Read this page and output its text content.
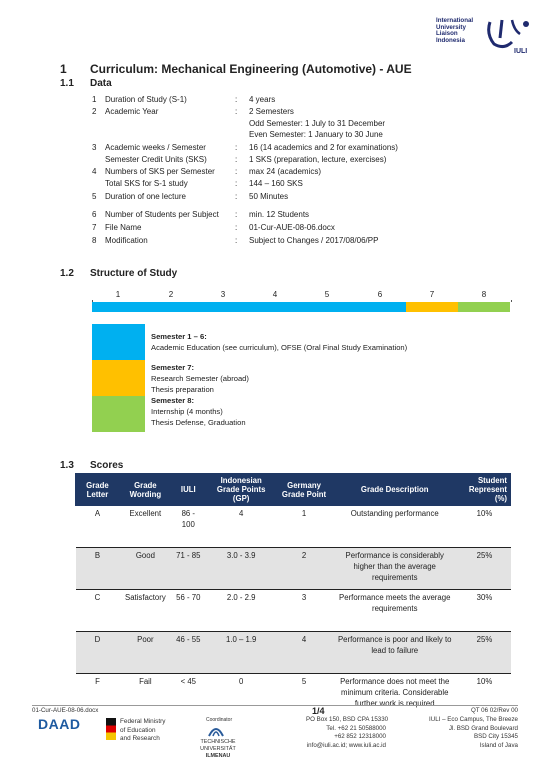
International
University
Liaison
Indonesia
IULI
1 Curriculum: Mechanical Engineering (Automotive) - AUE
1.1 Data
1 Duration of Study (S-1)	: 4 years
2 Academic Year	: 2 Semesters
Odd Semester: 1 July to 31 December
Even Semester: 1 January to 30 June
3 Academic weeks / Semester	: 16 (14 academics and 2 for examinations)
Semester Credit Units (SKS)	: 1 SKS (preparation, lecture, exercises)
4 Numbers of SKS per Semester	: max 24 (academics)
Total SKS for S-1 study	: 144 – 160 SKS
5 Duration of one lecture	: 50 Minutes
6 Number of Students per Subject : min. 12 Students
7 File Name	: 01-Cur-AUE-08-06.docx
8 Modification	: Subject to Changes / 2017/08/06/PP
1.2 Structure of Study
1	2	3	4	5	6	7	8
Semester 1 – 6:
Academic Education (see curriculum), OFSE (Oral Final Study Examination)
Semester 7:
Research Semester (abroad)
Thesis preparation
Semester 8:
Internship (4 months)
Thesis Defense, Graduation
1.3 Scores
Grade Letter	Grade Wording	IULI	Indonesian Grade Points (GP)	Germany Grade Point	Grade Description	Student Represent (%)
A	Excellent	86 - 100	4	1	Outstanding performance	10%
B	Good	71 - 85	3.0 - 3.9	2	Performance is considerably higher than the average requirements	25%
C	Satisfactory	56 - 70	2.0 - 2.9	3	Performance meets the average requirements	30%
D	Poor	46 - 55	1.0 – 1.9	4	Performance is poor and likely to lead to failure	25%
F	Fail	< 45	0	5	Performance does not meet the minimum criteria. Considerable further work is required	10%
01-Cur-AUE-08-06.docx	1/4	QT 06 02/Rev 00
DAAD	Federal Ministry
of Education
and Research
Coordinator
TECHNISCHE UNIVERSITÄT
ILMENAU
PO Box 150, BSD CPA 15330
Tel. +62 21 50588000
+62 852 12318000
info@iuli.ac.id; www.iuli.ac.id
IULI – Eco Campus, The Breeze
Jl. BSD Grand Boulevard
BSD City 15345
Island of Java
